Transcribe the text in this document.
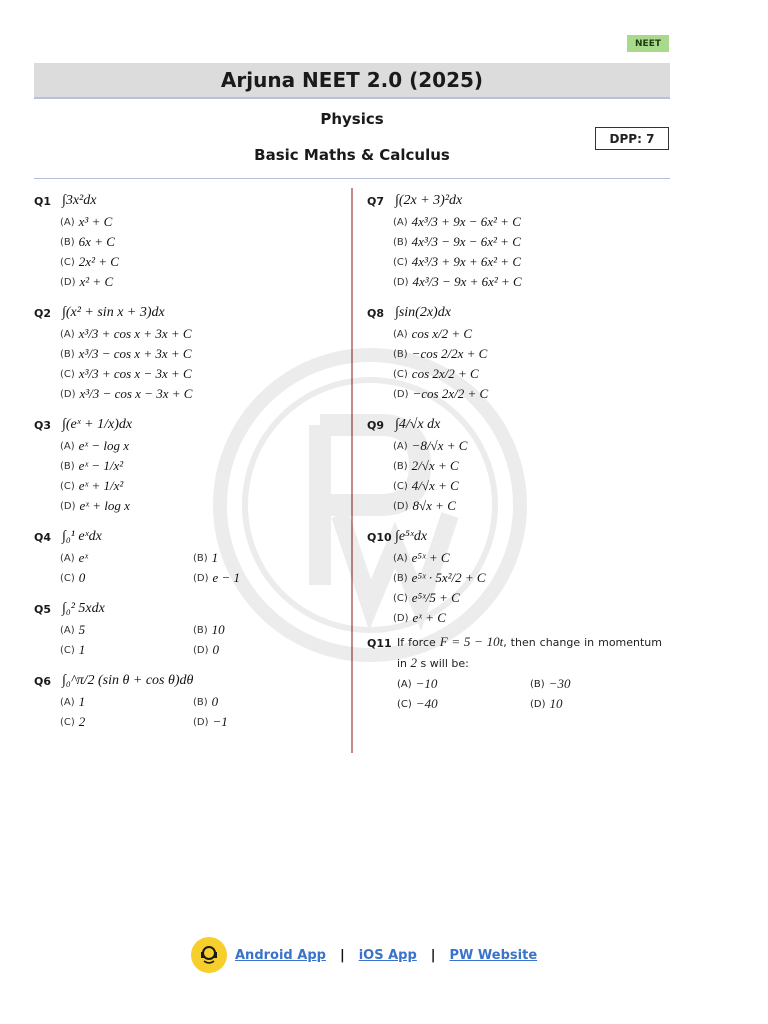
NEET
Arjuna NEET 2.0 (2025)
Physics
Basic Maths & Calculus
DPP: 7
Q1 ∫3x²dx
(A) x³ + C
(B) 6x + C
(C) 2x² + C
(D) x² + C
Q2 ∫(x² + sin x + 3)dx
(A) x³/3 + cos x + 3x + C
(B) x³/3 − cos x + 3x + C
(C) x³/3 + cos x − 3x + C
(D) x³/3 − cos x − 3x + C
Q3 ∫(eˣ + 1/x)dx
(A) eˣ − log x
(B) eˣ − 1/x²
(C) eˣ + 1/x²
(D) eˣ + log x
Q4 ∫₀¹ eˣdx
(A) eˣ	(B) 1
(C) 0	(D) e − 1
Q5 ∫₀² 5xdx
(A) 5	(B) 10
(C) 1	(D) 0
Q6 ∫₀^π/2 (sin θ + cos θ)dθ
(A) 1	(B) 0
(C) 2	(D) −1
Q7 ∫(2x + 3)²dx
(A) 4x³/3 + 9x − 6x² + C
(B) 4x³/3 − 9x − 6x² + C
(C) 4x³/3 + 9x + 6x² + C
(D) 4x³/3 − 9x + 6x² + C
Q8 ∫sin(2x)dx
(A) cos x/2 + C
(B) −cos 2/2x + C
(C) cos 2x/2 + C
(D) −cos 2x/2 + C
Q9 ∫4/√x dx
(A) −8/√x + C
(B) 2/√x + C
(C) 4/√x + C
(D) 8√x + C
Q10 ∫e⁵ˣdx
(A) e⁵ˣ + C
(B) e⁵ˣ · 5x²/2 + C
(C) e⁵ˣ/5 + C
(D) eˣ + C
Q11 If force F = 5 − 10t, then change in momentum in 2 s will be:
(A) −10	(B) −30
(C) −40	(D) 10
Android App | iOS App | PW Website
